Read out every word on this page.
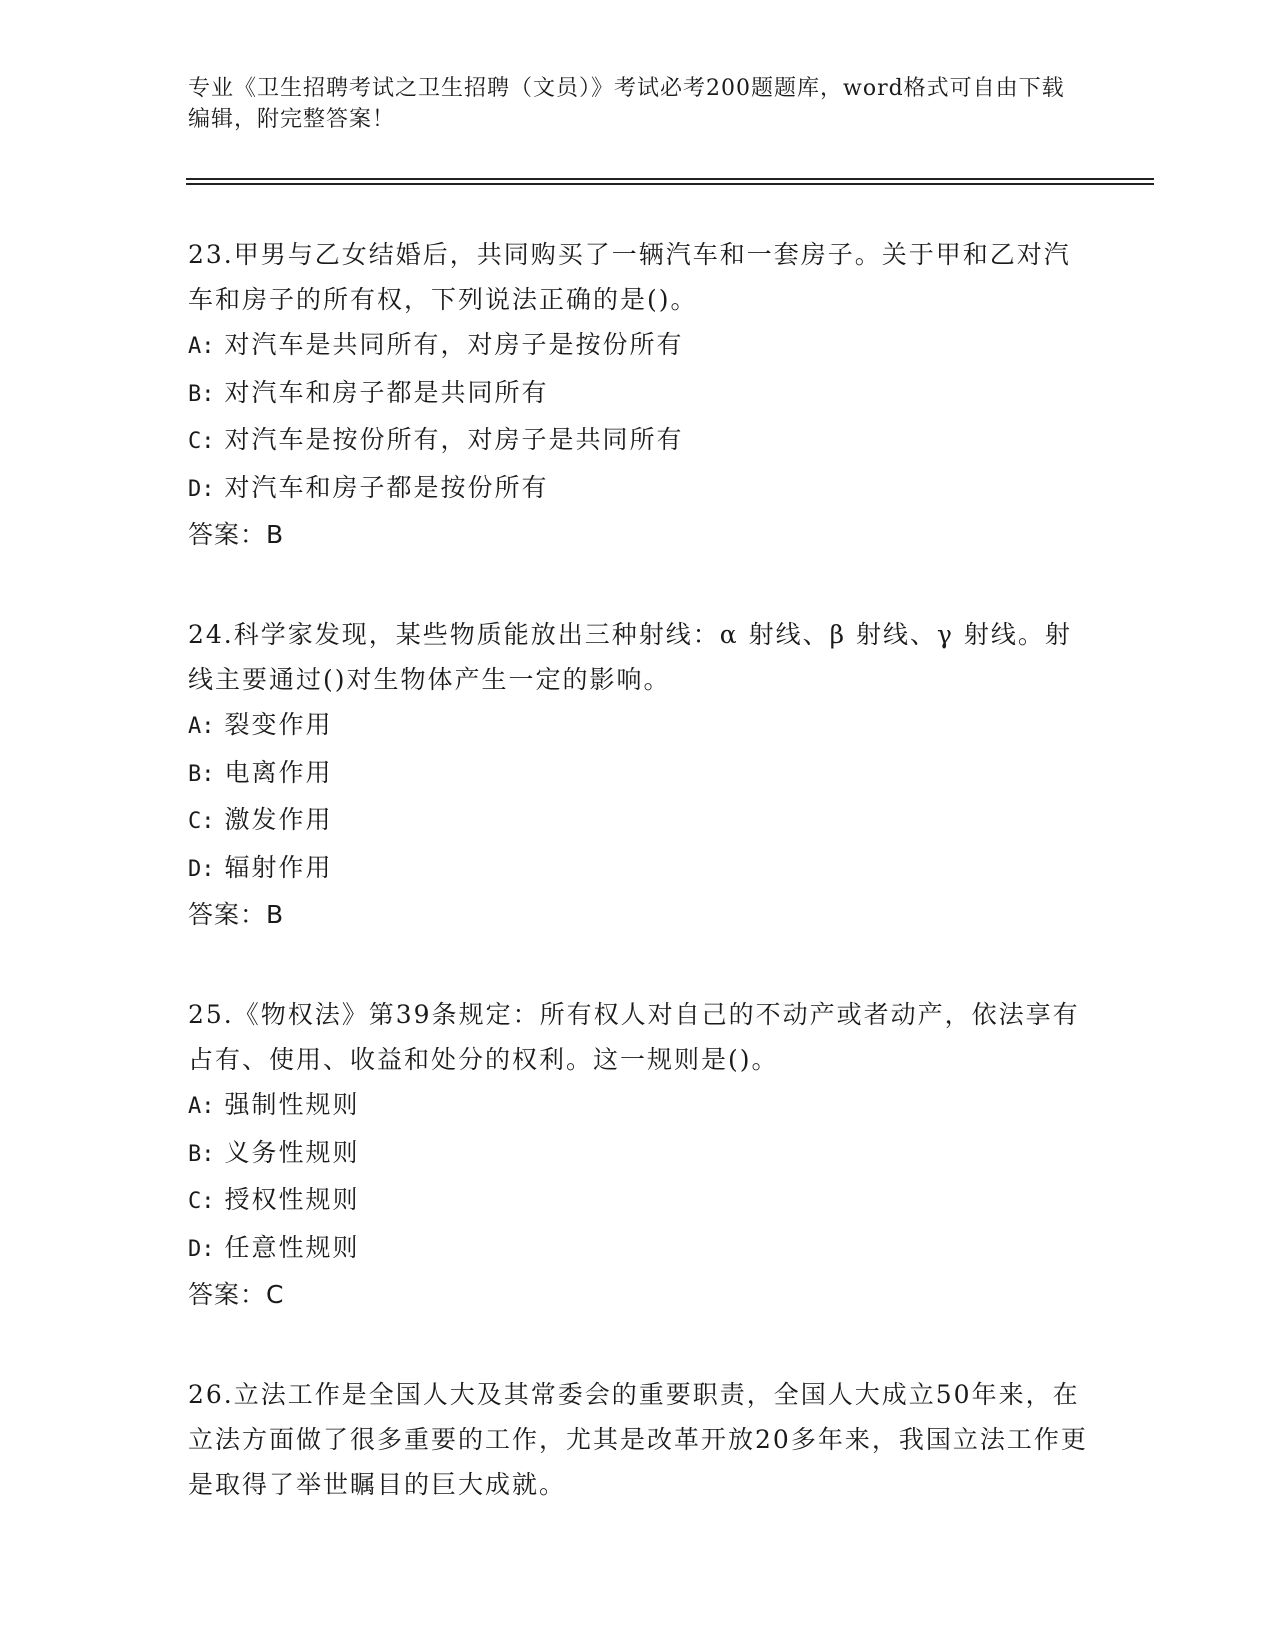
专业《卫生招聘考试之卫生招聘（文员）》考试必考200题题库，word格式可自由下载编辑，附完整答案！
23.甲男与乙女结婚后，共同购买了一辆汽车和一套房子。关于甲和乙对汽车和房子的所有权，下列说法正确的是()。
A: 对汽车是共同所有，对房子是按份所有
B: 对汽车和房子都是共同所有
C: 对汽车是按份所有，对房子是共同所有
D: 对汽车和房子都是按份所有
答案：B
24.科学家发现，某些物质能放出三种射线：α 射线、β 射线、γ 射线。射线主要通过()对生物体产生一定的影响。
A: 裂变作用
B: 电离作用
C: 激发作用
D: 辐射作用
答案：B
25.《物权法》第39条规定：所有权人对自己的不动产或者动产，依法享有占有、使用、收益和处分的权利。这一规则是()。
A: 强制性规则
B: 义务性规则
C: 授权性规则
D: 任意性规则
答案：C
26.立法工作是全国人大及其常委会的重要职责，全国人大成立50年来，在立法方面做了很多重要的工作，尤其是改革开放20多年来，我国立法工作更是取得了举世瞩目的巨大成就。
